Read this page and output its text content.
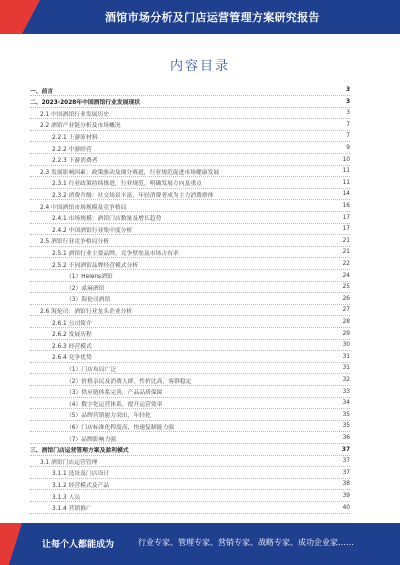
酒馆市场分析及门店运营管理方案研究报告
内容目录
一、前言	3
二、2023-2028年中国酒馆行业发展现状	3
2.1 中国酒馆行业发展历史	3
2.2 酒馆产业链分析及市场概况	7
2.2.1 上游原材料	7
2.2.2 中游经营	9
2.2.3 下游消费者	10
2.3 发展影响因素：政策驱动及细分赛道，行业规范促进市场健康发展	11
2.3.1 行业政策持续推进，行业规范，明确发展方向及重点	11
2.3.2 消费升级：社交场景丰富，年轻消费者成为主力消费群体	14
2.4 中国酒馆市场规模及竞争格局	16
2.4.1 市场规模：酒馆门店数量及增长趋势	17
2.4.2 中国酒馆行业集中度分析	17
2.5 酒馆行业竞争格局分析	21
2.5.1 酒馆行业主要品牌，竞争壁垒及市场占有率	21
2.5.2 不同酒馆品牌经营模式分析	22
（1）Helens酒馆	24
（2）贰麻酒馆	25
（3）海伦司酒馆	26
2.6 海伦司：酒馆行业龙头企业分析	27
2.6.1 公司简介	28
2.6.2 发展历程	29
2.6.3 经营模式	30
2.6.4 竞争优势	31
（1）门店布局广泛	31
（2）价格亲民及消费人群，性价比高，客群稳定	32
（3）供应链体系完善，产品品质保障	33
（4）数字化运营体系，提升运营效率	34
（5）品牌营销能力突出，年轻化	35
（6）门店标准化程度高，快速复制能力强	35
（7）品牌影响力强	36
三、酒馆门店运营管理方案及盈利模式	37
3.1 酒馆门店运营管理	37
3.1.1 选址及门店设计	37
3.1.2 经营模式及产品	38
3.1.3 人员	39
3.1.4 营销推广	40
让每个人都能成为	行业专家、管理专家、营销专家、战略专家、成功企业家……
